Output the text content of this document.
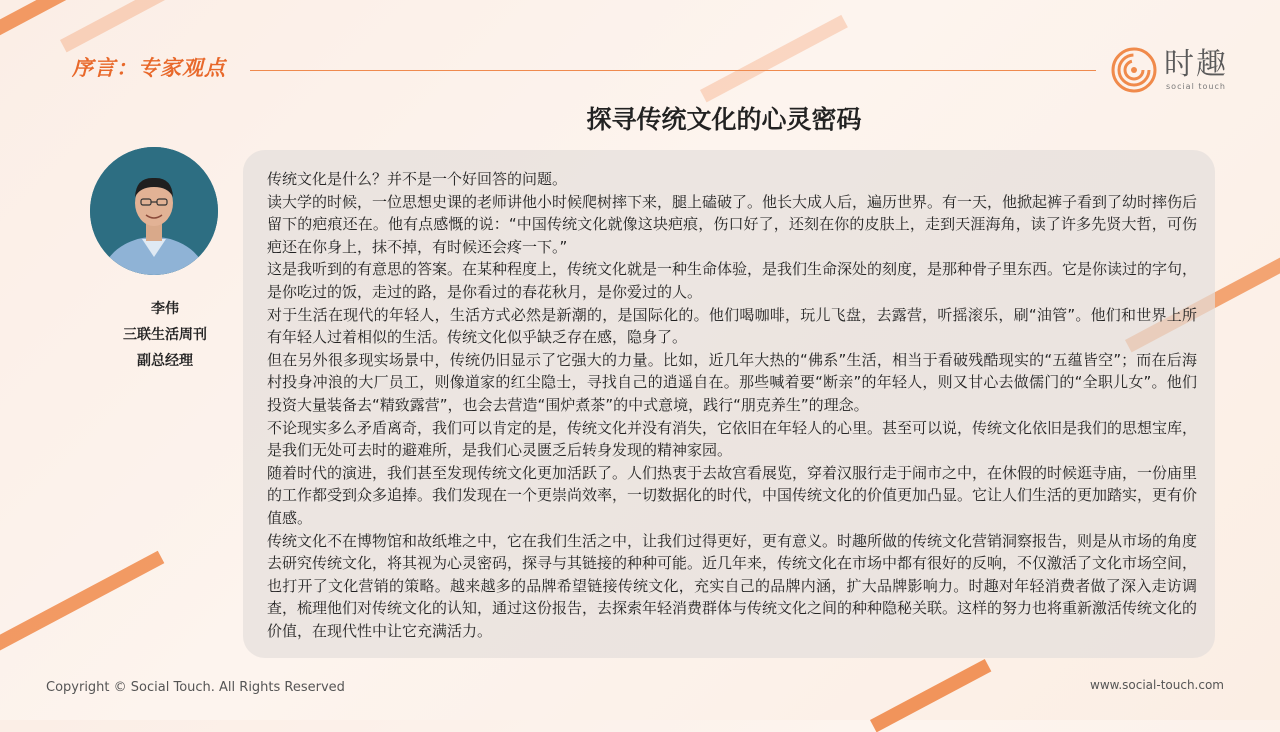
序言：专家观点	时趣
social touch
探寻传统文化的心灵密码
李伟
三联生活周刊
副总经理

传统文化是什么？并不是一个好回答的问题。

读大学的时候，一位思想史课的老师讲他小时候爬树摔下来，腿上磕破了。他长大成人后，遍历世界。有一天，他掀起裤子看到了幼时摔伤后留下的疤痕还在。他有点感慨的说：“中国传统文化就像这块疤痕，伤口好了，还刻在你的皮肤上，走到天涯海角，读了许多先贤大哲，可伤疤还在你身上，抹不掉，有时候还会疼一下。”

这是我听到的有意思的答案。在某种程度上，传统文化就是一种生命体验，是我们生命深处的刻度，是那种骨子里东西。它是你读过的字句，是你吃过的饭，走过的路，是你看过的春花秋月，是你爱过的人。

对于生活在现代的年轻人，生活方式必然是新潮的，是国际化的。他们喝咖啡，玩儿飞盘，去露营，听摇滚乐，刷“油管”。他们和世界上所有年轻人过着相似的生活。传统文化似乎缺乏存在感，隐身了。

但在另外很多现实场景中，传统仍旧显示了它强大的力量。比如，近几年大热的“佛系”生活，相当于看破残酷现实的“五蕴皆空”；而在后海村投身冲浪的大厂员工，则像道家的红尘隐士，寻找自己的逍遥自在。那些喊着要“断亲”的年轻人，则又甘心去做儒门的“全职儿女”。他们投资大量装备去“精致露营”，也会去营造“围炉煮茶”的中式意境，践行“朋克养生”的理念。

不论现实多么矛盾离奇，我们可以肯定的是，传统文化并没有消失，它依旧在年轻人的心里。甚至可以说，传统文化依旧是我们的思想宝库，是我们无处可去时的避难所，是我们心灵匮乏后转身发现的精神家园。

随着时代的演进，我们甚至发现传统文化更加活跃了。人们热衷于去故宫看展览，穿着汉服行走于闹市之中，在休假的时候逛寺庙，一份庙里的工作都受到众多追捧。我们发现在一个更崇尚效率，一切数据化的时代，中国传统文化的价值更加凸显。它让人们生活的更加踏实，更有价值感。

传统文化不在博物馆和故纸堆之中，它在我们生活之中，让我们过得更好，更有意义。时趣所做的传统文化营销洞察报告，则是从市场的角度去研究传统文化，将其视为心灵密码，探寻与其链接的种种可能。近几年来，传统文化在市场中都有很好的反响，不仅激活了文化市场空间，也打开了文化营销的策略。越来越多的品牌希望链接传统文化，充实自己的品牌内涵，扩大品牌影响力。时趣对年轻消费者做了深入走访调查，梳理他们对传统文化的认知，通过这份报告，去探索年轻消费群体与传统文化之间的种种隐秘关联。这样的努力也将重新激活传统文化的价值，在现代性中让它充满活力。

Copyright © Social Touch. All Rights Reserved	www.social-touch.com
